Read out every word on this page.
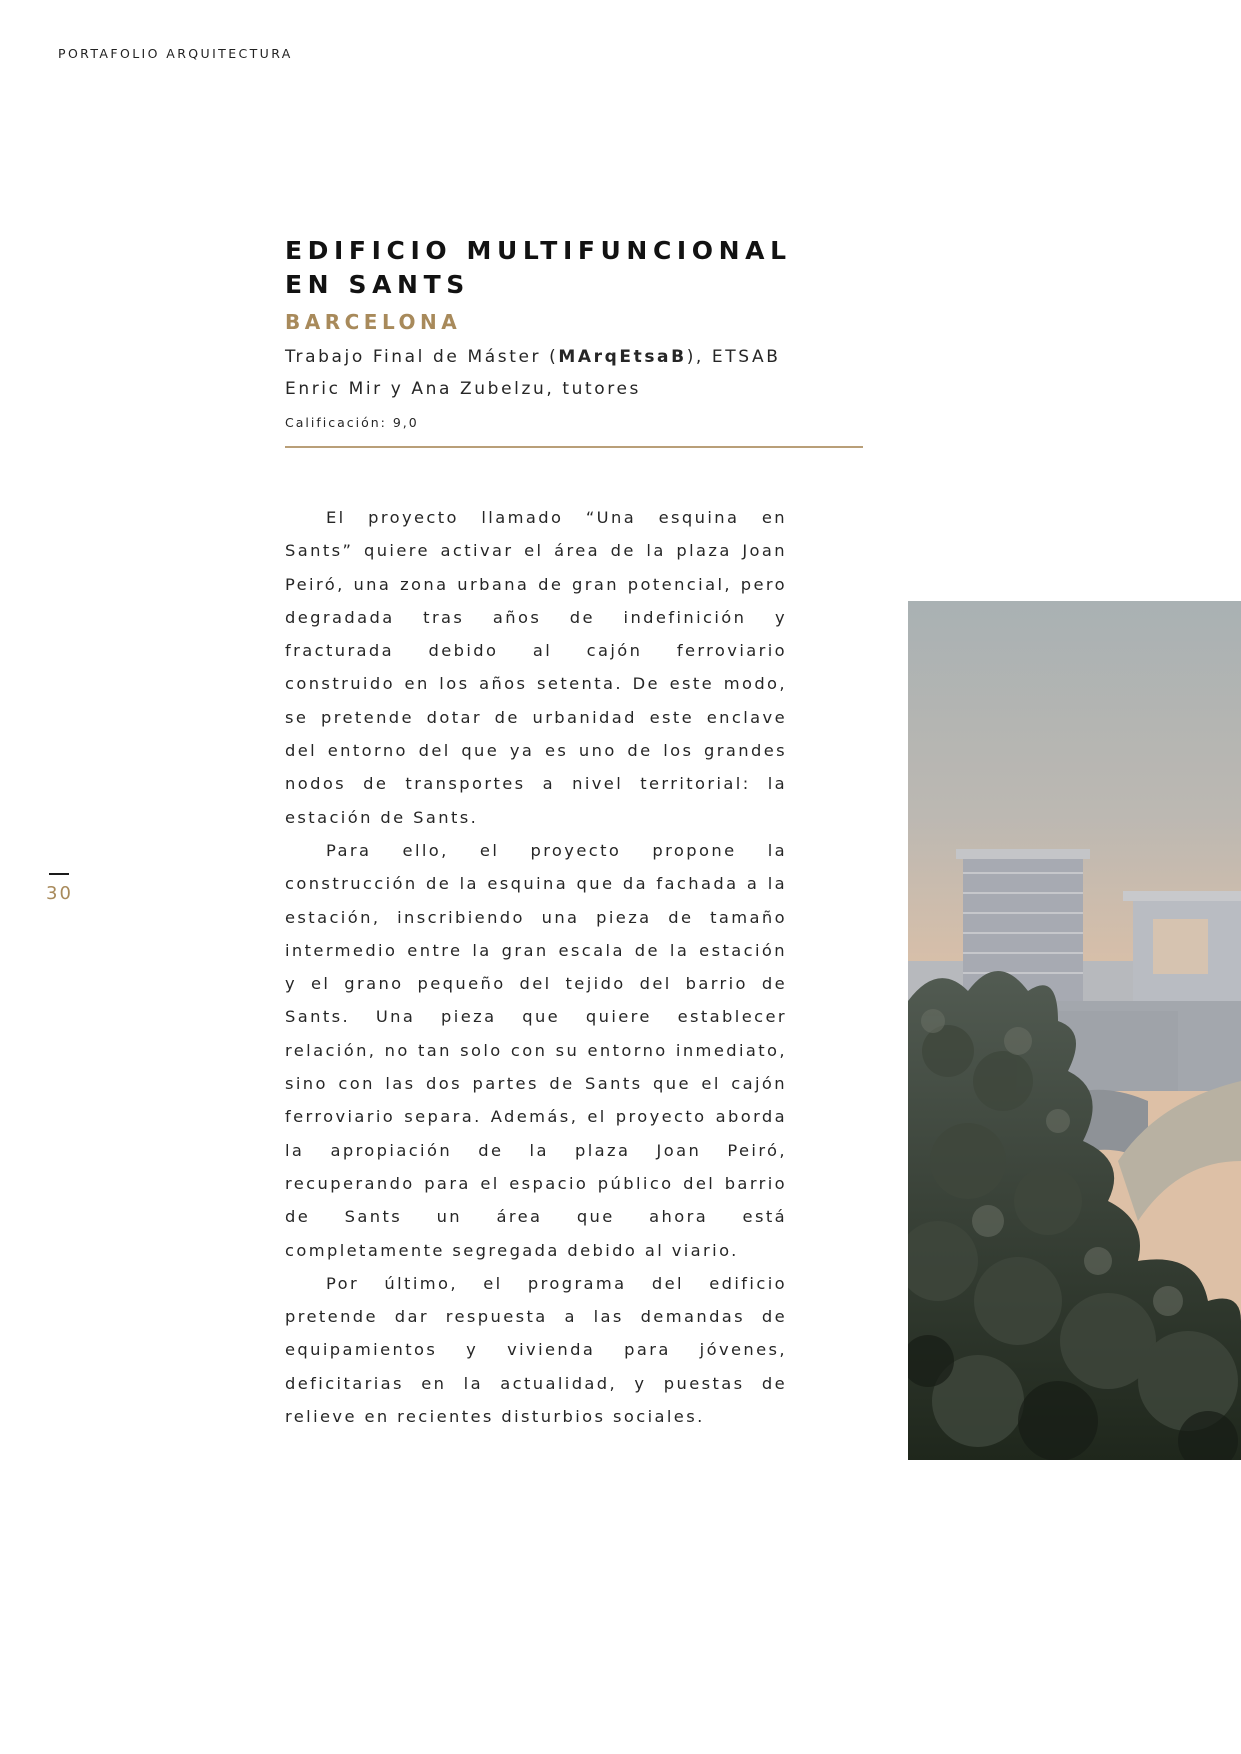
PORTAFOLIO ARQUITECTURA
EDIFICIO MULTIFUNCIONAL
EN SANTS
BARCELONA
Trabajo Final de Máster (MArqEtsaB), ETSAB
Enric Mir y Ana Zubelzu, tutores
Calificación: 9,0

El proyecto llamado “Una esquina en Sants” quiere activar el área de la plaza Joan Peiró, una zona urbana de gran potencial, pero degradada tras años de indefinición y fracturada debido al cajón ferroviario construido en los años setenta. De este modo, se pretende dotar de urbanidad este enclave del entorno del que ya es uno de los grandes nodos de transportes a nivel territorial: la estación de Sants.

Para ello, el proyecto propone la construcción de la esquina que da fachada a la estación, inscribiendo una pieza de tamaño intermedio entre la gran escala de la estación y el grano pequeño del tejido del barrio de Sants. Una pieza que quiere establecer relación, no tan solo con su entorno inmediato, sino con las dos partes de Sants que el cajón ferroviario separa. Además, el proyecto aborda la apropiación de la plaza Joan Peiró, recuperando para el espacio público del barrio de Sants un área que ahora está completamente segregada debido al viario.

Por último, el programa del edificio pretende dar respuesta a las demandas de equipamientos y vivienda para jóvenes, deficitarias en la actualidad, y puestas de relieve en recientes disturbios sociales.

30
